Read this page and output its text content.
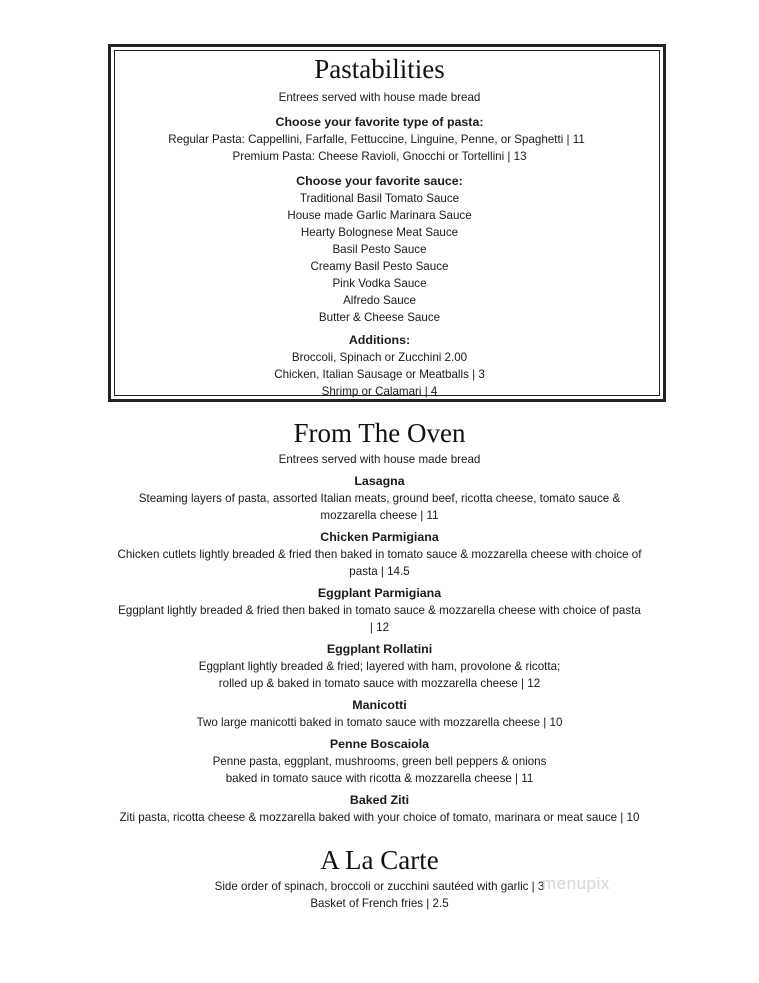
Pastabilities
Entrees served with house made bread
Choose your favorite type of pasta:
Regular Pasta: Cappellini, Farfalle, Fettuccine, Linguine, Penne, or Spaghetti | 11
Premium Pasta: Cheese Ravioli, Gnocchi or Tortellini | 13
Choose your favorite sauce:
Traditional Basil Tomato Sauce
House made Garlic Marinara Sauce
Hearty Bolognese Meat Sauce
Basil Pesto Sauce
Creamy Basil Pesto Sauce
Pink Vodka Sauce
Alfredo Sauce
Butter & Cheese Sauce
Additions:
Broccoli, Spinach or Zucchini 2.00
Chicken, Italian Sausage or Meatballs | 3
Shrimp or Calamari | 4
From The Oven
Entrees served with house made bread
Lasagna
Steaming layers of pasta, assorted Italian meats, ground beef, ricotta cheese, tomato sauce &
mozzarella cheese | 11
Chicken Parmigiana
Chicken cutlets lightly breaded & fried then baked in tomato sauce & mozzarella cheese with choice of
pasta | 14.5
Eggplant Parmigiana
Eggplant lightly breaded & fried then baked in tomato sauce & mozzarella cheese with choice of pasta
| 12
Eggplant Rollatini
Eggplant lightly breaded & fried; layered with ham, provolone & ricotta;
rolled up & baked in tomato sauce with mozzarella cheese | 12
Manicotti
Two large manicotti baked in tomato sauce with mozzarella cheese | 10
Penne Boscaiola
Penne pasta, eggplant, mushrooms, green bell peppers & onions
baked in tomato sauce with ricotta & mozzarella cheese | 11
Baked Ziti
Ziti pasta, ricotta cheese & mozzarella baked with your choice of tomato, marinara or meat sauce | 10
A La Carte
Side order of spinach, broccoli or zucchini sautéed with garlic | 3
Basket of French fries | 2.5
menupix
